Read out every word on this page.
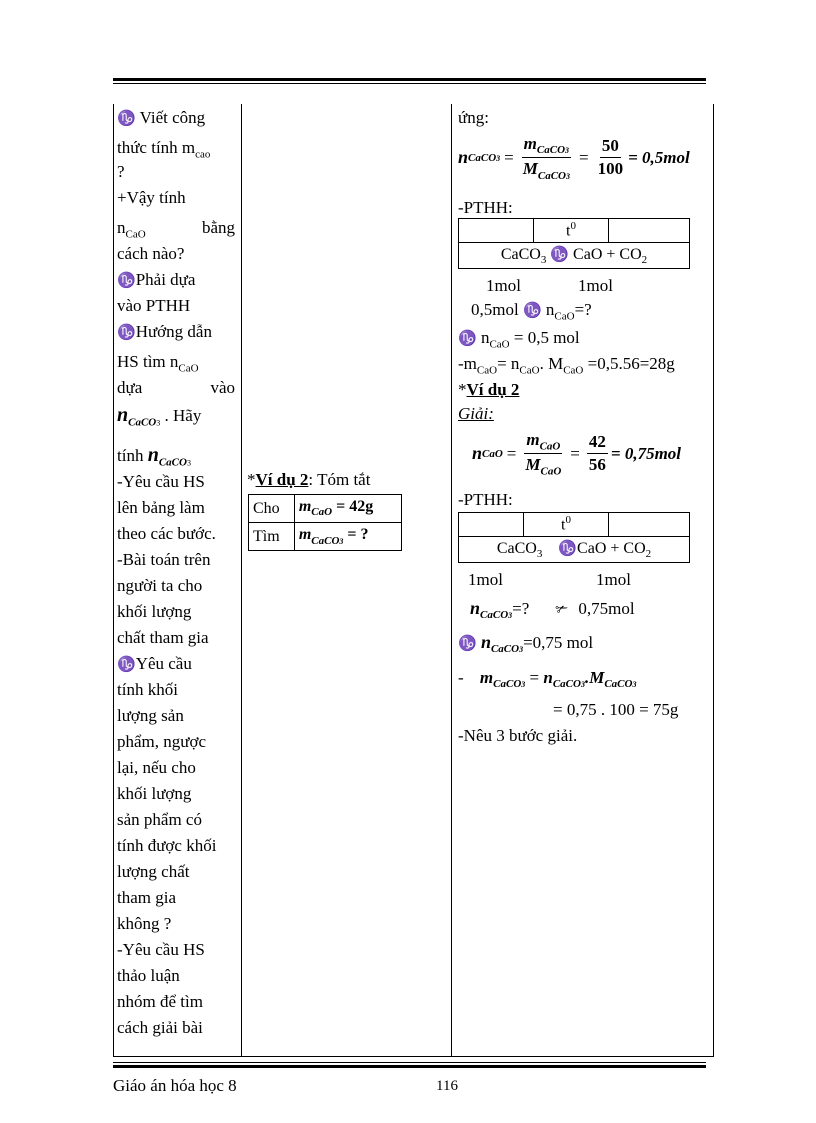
♑ Viết công
thức tính $m_{cao}$
?
+Vậy tính
$n_{CaO}$	bằng
cách nào?
♑Phải dựa
vào PTHH
♑Hướng dẫn
HS tìm $n_{CaO}$
dựa	vào
$n_{CaCO3}$ . Hãy
tính $n_{CaCO3}$
-Yêu cầu HS
lên bảng làm
theo các bước.
-Bài toán trên
người ta cho
khối lượng
chất tham gia
♑Yêu cầu
tính khối
lượng sản
phẩm, ngược
lại, nếu cho
khối lượng
sản phẩm có
tính được khối
lượng chất
tham gia
không ?
-Yêu cầu HS
thảo luận
nhóm để tìm
cách giải bài
*Ví dụ 2: Tóm tắt
Cho	$m_{CaO} = 42g$
Tìm	$m_{CaCO3}$ = ?
ứng:
n CaCO3 = $\frac{m_{CaCO3}}{M_{CaCO3}} = \frac{50}{100} = 0,5mol$
-PTHH:
	$t^0$	
CaCO$_3$ ♑ CaO + $CO_2$
1mol	1mol
0,5mol ♑ $n_{CaO}=$?
♑ $n_{CaO} = 0,5$ mol
$-m_{CaO}= n_{CaO}$. $M_{CaO} =0,5.56=28g$
*Ví dụ 2
Giải:
n CaO = $\frac{m_{CaO}}{M_{CaO}} = \frac{42}{56} = 0,75mol$
-PTHH:
	$t^0$	
CaCO$_3$ ♑CaO + $CO_2$
1mol	1mol
$n_{CaCO3}=$? ✃ 0,75mol
♑ $n_{CaCO3}=0,75$ mol
- $m_{CaCO3} = n_{CaCO3}.M_{CaCO3}$
= 0,75 . 100 = 75g
-Nêu 3 bước giải.
Giáo án hóa học 8	116
